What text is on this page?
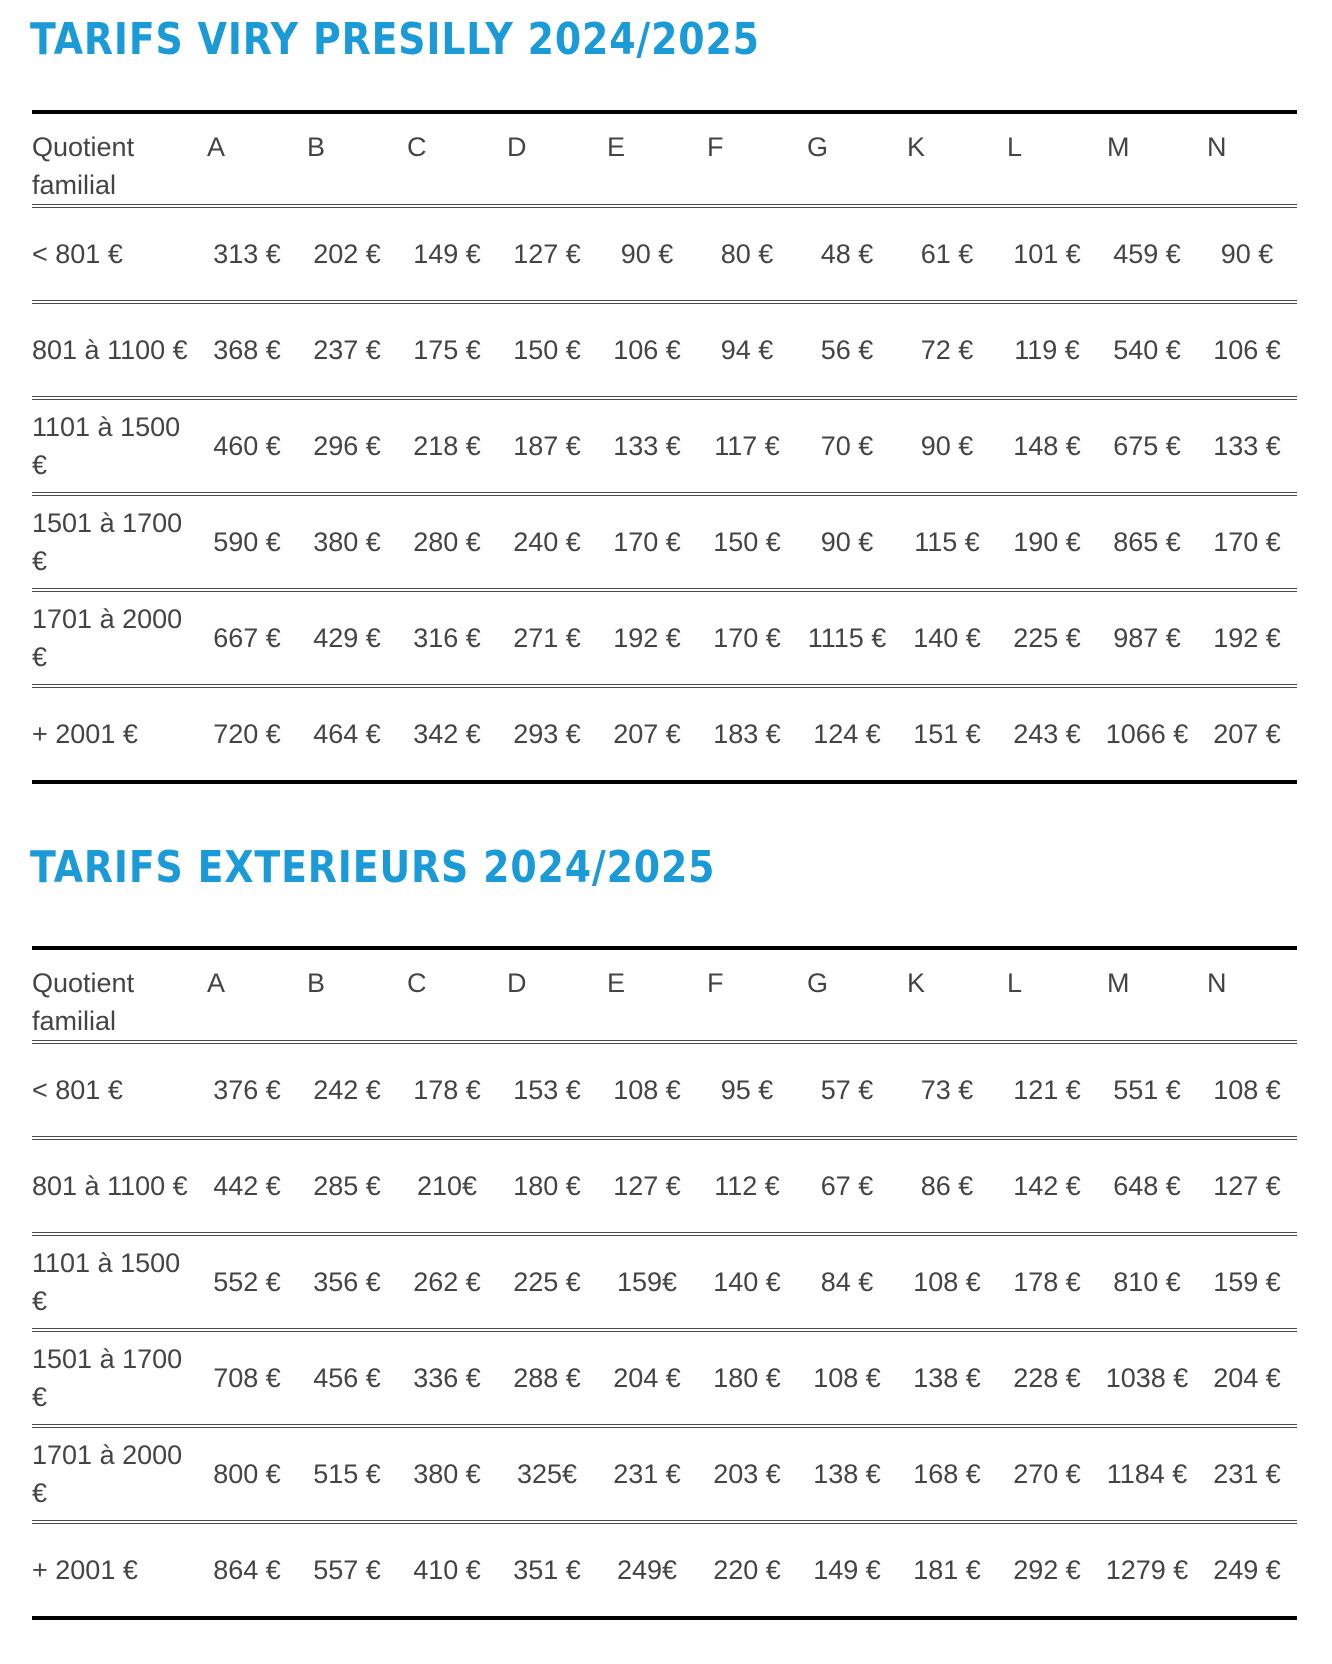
TARIFS VIRY PRESILLY 2024/2025
Quotient familial	A	B	C	D	E	F	G	K	L	M	N
< 801 €	313 €	202 €	149 €	127 €	90 €	80 €	48 €	61 €	101 €	459 €	90 €
801 à 1100 €	368 €	237 €	175 €	150 €	106 €	94 €	56 €	72 €	119 €	540 €	106 €
1101 à 1500 €	460 €	296 €	218 €	187 €	133 €	117 €	70 €	90 €	148 €	675 €	133 €
1501 à 1700 €	590 €	380 €	280 €	240 €	170 €	150 €	90 €	115 €	190 €	865 €	170 €
1701 à 2000 €	667 €	429 €	316 €	271 €	192 €	170 €	1115 €	140 €	225 €	987 €	192 €
+ 2001 €	720 €	464 €	342 €	293 €	207 €	183 €	124 €	151 €	243 €	1066 €	207 €
TARIFS EXTERIEURS 2024/2025
Quotient familial	A	B	C	D	E	F	G	K	L	M	N
< 801 €	376 €	242 €	178 €	153 €	108 €	95 €	57 €	73 €	121 €	551 €	108 €
801 à 1100 €	442 €	285 €	210€	180 €	127 €	112 €	67 €	86 €	142 €	648 €	127 €
1101 à 1500 €	552 €	356 €	262 €	225 €	159€	140 €	84 €	108 €	178 €	810 €	159 €
1501 à 1700 €	708 €	456 €	336 €	288 €	204 €	180 €	108 €	138 €	228 €	1038 €	204 €
1701 à 2000 €	800 €	515 €	380 €	325€	231 €	203 €	138 €	168 €	270 €	1184 €	231 €
+ 2001 €	864 €	557 €	410 €	351 €	249€	220 €	149 €	181 €	292 €	1279 €	249 €
